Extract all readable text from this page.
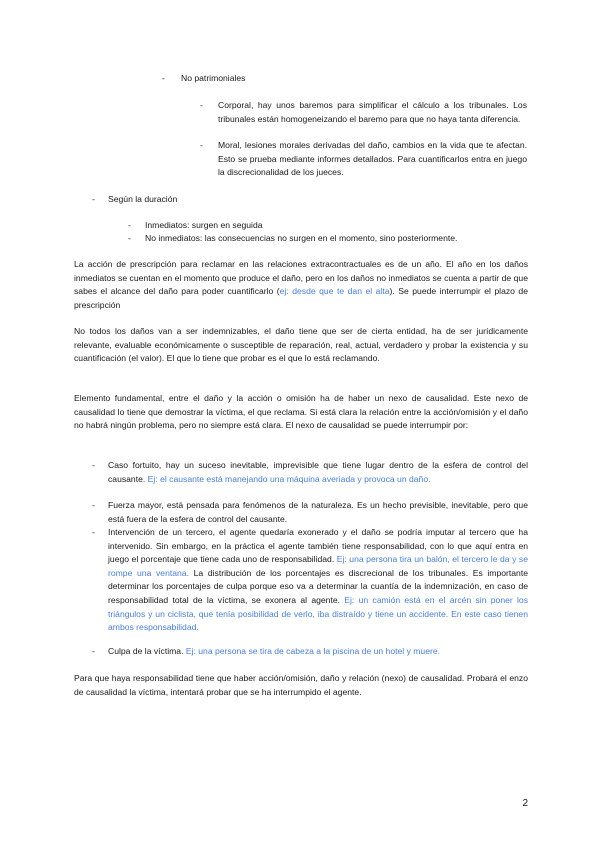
- No patrimoniales
- Corporal, hay unos baremos para simplificar el cálculo a los tribunales. Los tribunales están homogeneizando el baremo para que no haya tanta diferencia.
- Moral, lesiones morales derivadas del daño, cambios en la vida que te afectan. Esto se prueba mediante informes detallados. Para cuantificarlos entra en juego la discrecionalidad de los jueces.
- Según la duración
- Inmediatos: surgen en seguida
- No inmediatos: las consecuencias no surgen en el momento, sino posteriormente.
La acción de prescripción para reclamar en las relaciones extracontractuales es de un año. El año en los daños inmediatos se cuentan en el momento que produce el daño, pero en los daños no inmediatos se cuenta a partir de que sabes el alcance del daño para poder cuantificarlo (ej: desde que te dan el alta). Se puede interrumpir el plazo de prescripción
No todos los daños van a ser indemnizables, el daño tiene que ser de cierta entidad, ha de ser jurídicamente relevante, evaluable económicamente o susceptible de reparación, real, actual, verdadero y probar la existencia y su cuantificación (el valor). El que lo tiene que probar es el que lo está reclamando.
Elemento fundamental, entre el daño y la acción o omisión ha de haber un nexo de causalidad. Este nexo de causalidad lo tiene que demostrar la víctima, el que reclama. Si está clara la relación entre la acción/omisión y el daño no habrá ningún problema, pero no siempre está clara. El nexo de causalidad se puede interrumpir por:
- Caso fortuito, hay un suceso inevitable, imprevisible que tiene lugar dentro de la esfera de control del causante. Ej: el causante está manejando una máquina averiada y provoca un daño.
- Fuerza mayor, está pensada para fenómenos de la naturaleza. Es un hecho previsible, inevitable, pero que está fuera de la esfera de control del causante.
- Intervención de un tercero, el agente quedaría exonerado y el daño se podría imputar al tercero que ha intervenido. Sin embargo, en la práctica el agente también tiene responsabilidad, con lo que aquí entra en juego el porcentaje que tiene cada uno de responsabilidad. Ej: una persona tira un balón, el tercero le da y se rompe una ventana. La distribución de los porcentajes es discrecional de los tribunales. Es importante determinar los porcentajes de culpa porque eso va a determinar la cuantía de la indemnización, en caso de responsabilidad total de la víctima, se exonera al agente. Ej: un camión está en el arcén sin poner los triángulos y un ciclista, que tenía posibilidad de verlo, iba distraído y tiene un accidente. En este caso tienen ambos responsabilidad.
- Culpa de la víctima. Ej: una persona se tira de cabeza a la piscina de un hotel y muere.
Para que haya responsabilidad tiene que haber acción/omisión, daño y relación (nexo) de causalidad. Probará el enzo de causalidad la víctima, intentará probar que se ha interrumpido el agente.
2
